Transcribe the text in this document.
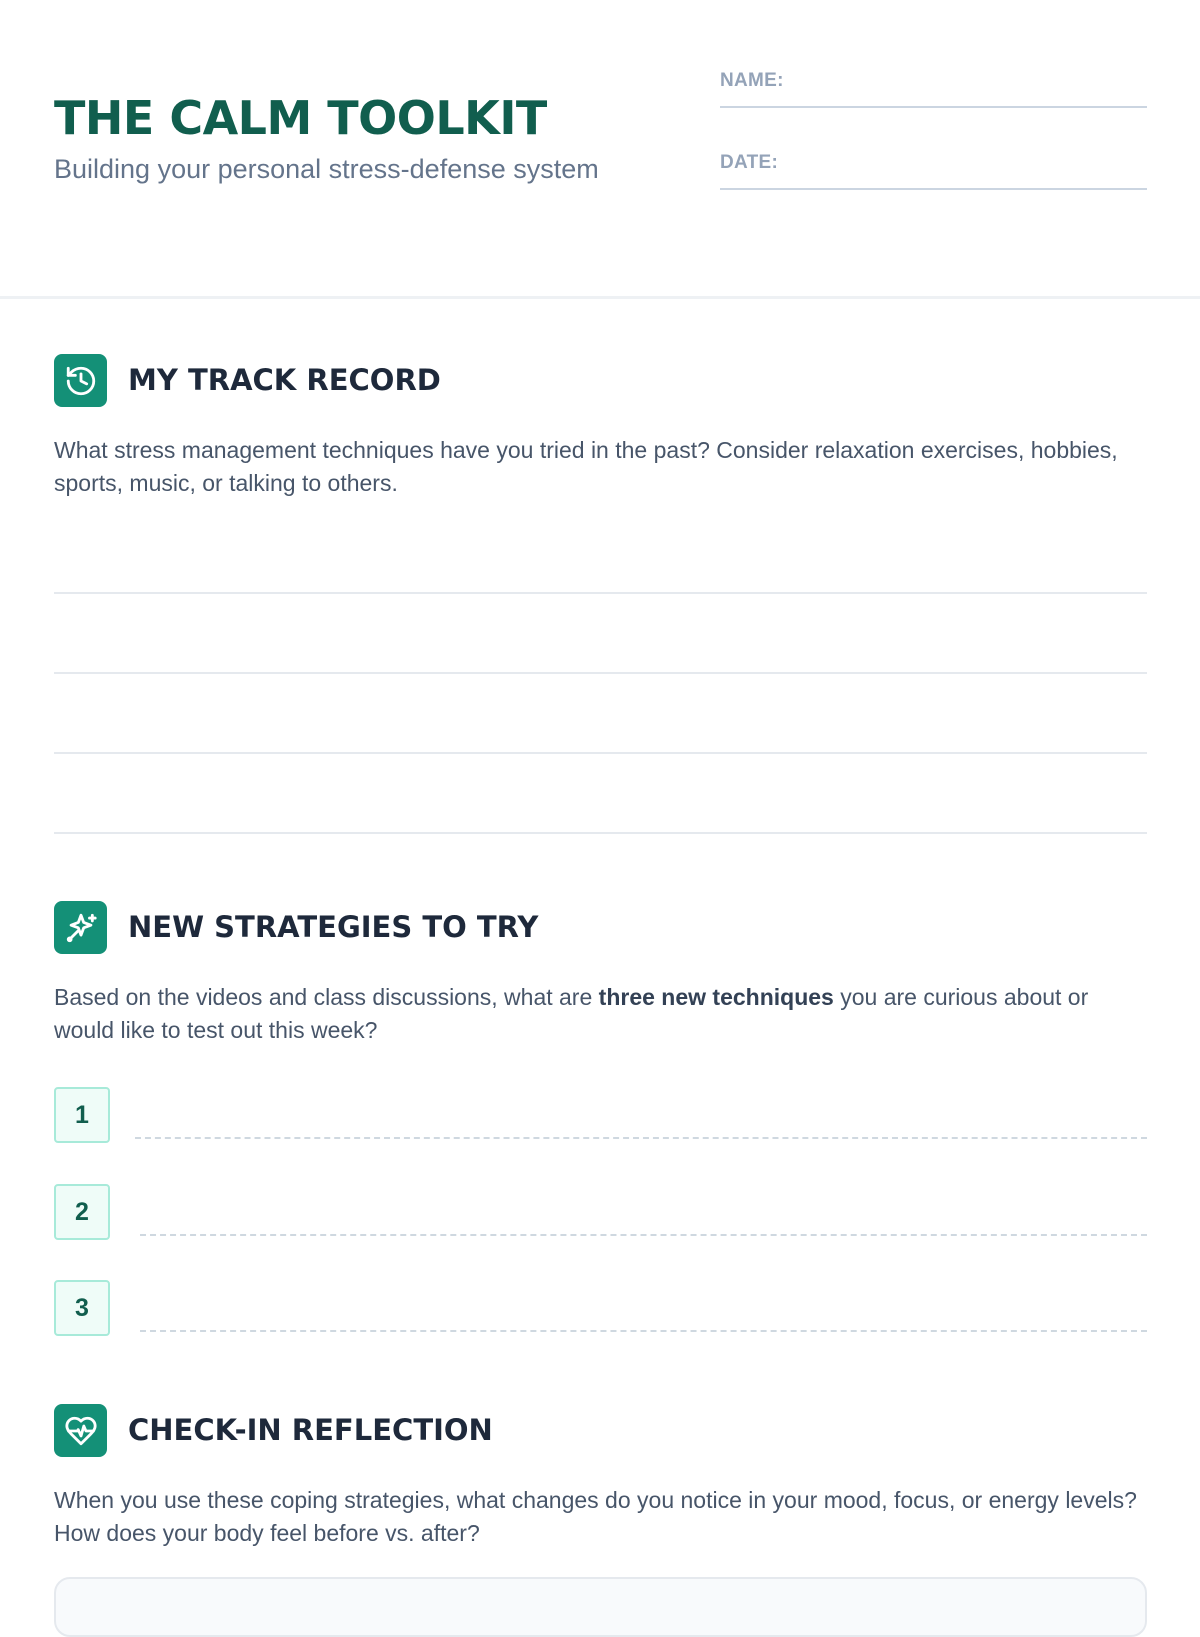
THE CALM TOOLKIT
Building your personal stress-defense system
NAME:
DATE:
MY TRACK RECORD
What stress management techniques have you tried in the past? Consider relaxation exercises, hobbies, sports, music, or talking to others.
NEW STRATEGIES TO TRY
Based on the videos and class discussions, what are three new techniques you are curious about or would like to test out this week?
1
2
3
CHECK-IN REFLECTION
When you use these coping strategies, what changes do you notice in your mood, focus, or energy levels? How does your body feel before vs. after?
